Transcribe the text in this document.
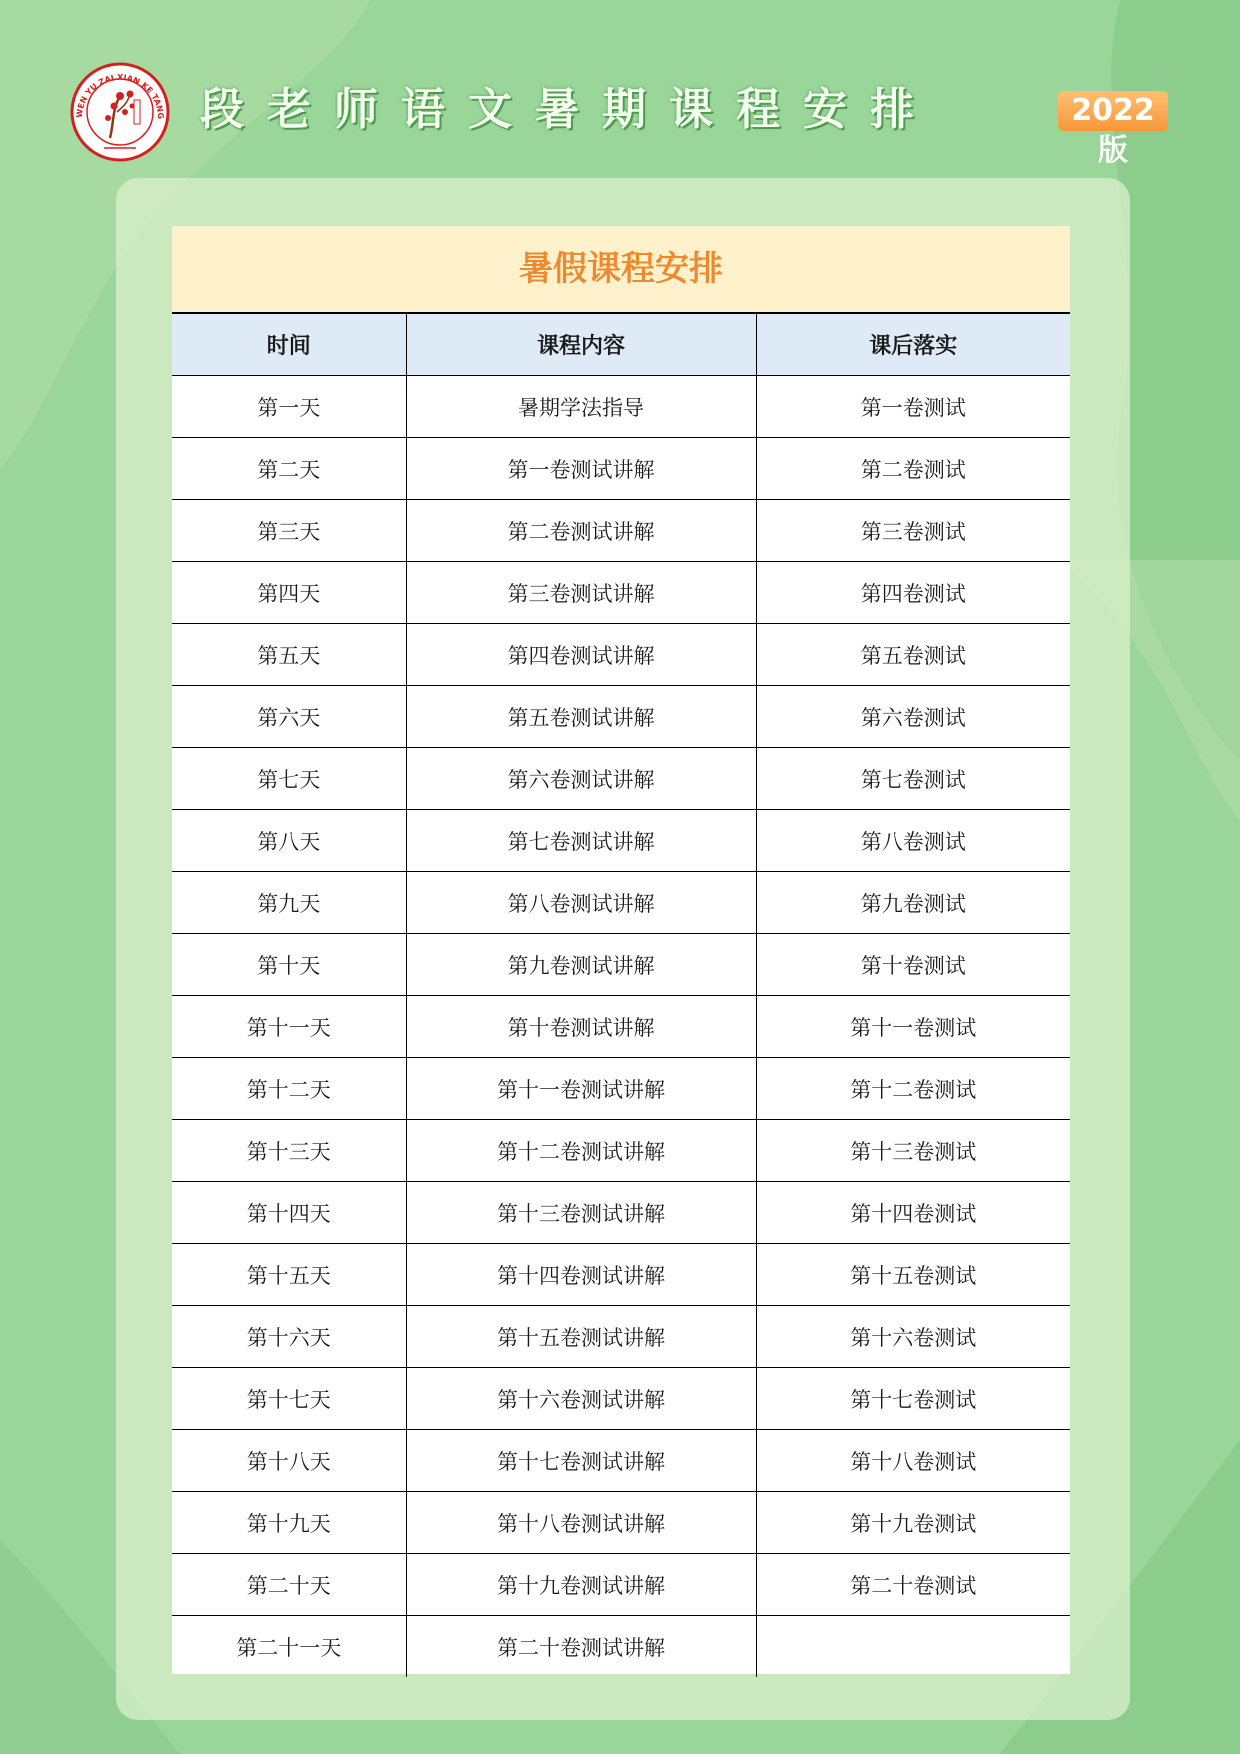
WEN YU ZAI XIAN KE TANG 段老师语文暑期课程安排	2022版
暑假课程安排
时间	课程内容	课后落实
第一天	暑期学法指导	第一卷测试
第二天	第一卷测试讲解	第二卷测试
第三天	第二卷测试讲解	第三卷测试
第四天	第三卷测试讲解	第四卷测试
第五天	第四卷测试讲解	第五卷测试
第六天	第五卷测试讲解	第六卷测试
第七天	第六卷测试讲解	第七卷测试
第八天	第七卷测试讲解	第八卷测试
第九天	第八卷测试讲解	第九卷测试
第十天	第九卷测试讲解	第十卷测试
第十一天	第十卷测试讲解	第十一卷测试
第十二天	第十一卷测试讲解	第十二卷测试
第十三天	第十二卷测试讲解	第十三卷测试
第十四天	第十三卷测试讲解	第十四卷测试
第十五天	第十四卷测试讲解	第十五卷测试
第十六天	第十五卷测试讲解	第十六卷测试
第十七天	第十六卷测试讲解	第十七卷测试
第十八天	第十七卷测试讲解	第十八卷测试
第十九天	第十八卷测试讲解	第十九卷测试
第二十天	第十九卷测试讲解	第二十卷测试
第二十一天	第二十卷测试讲解	
